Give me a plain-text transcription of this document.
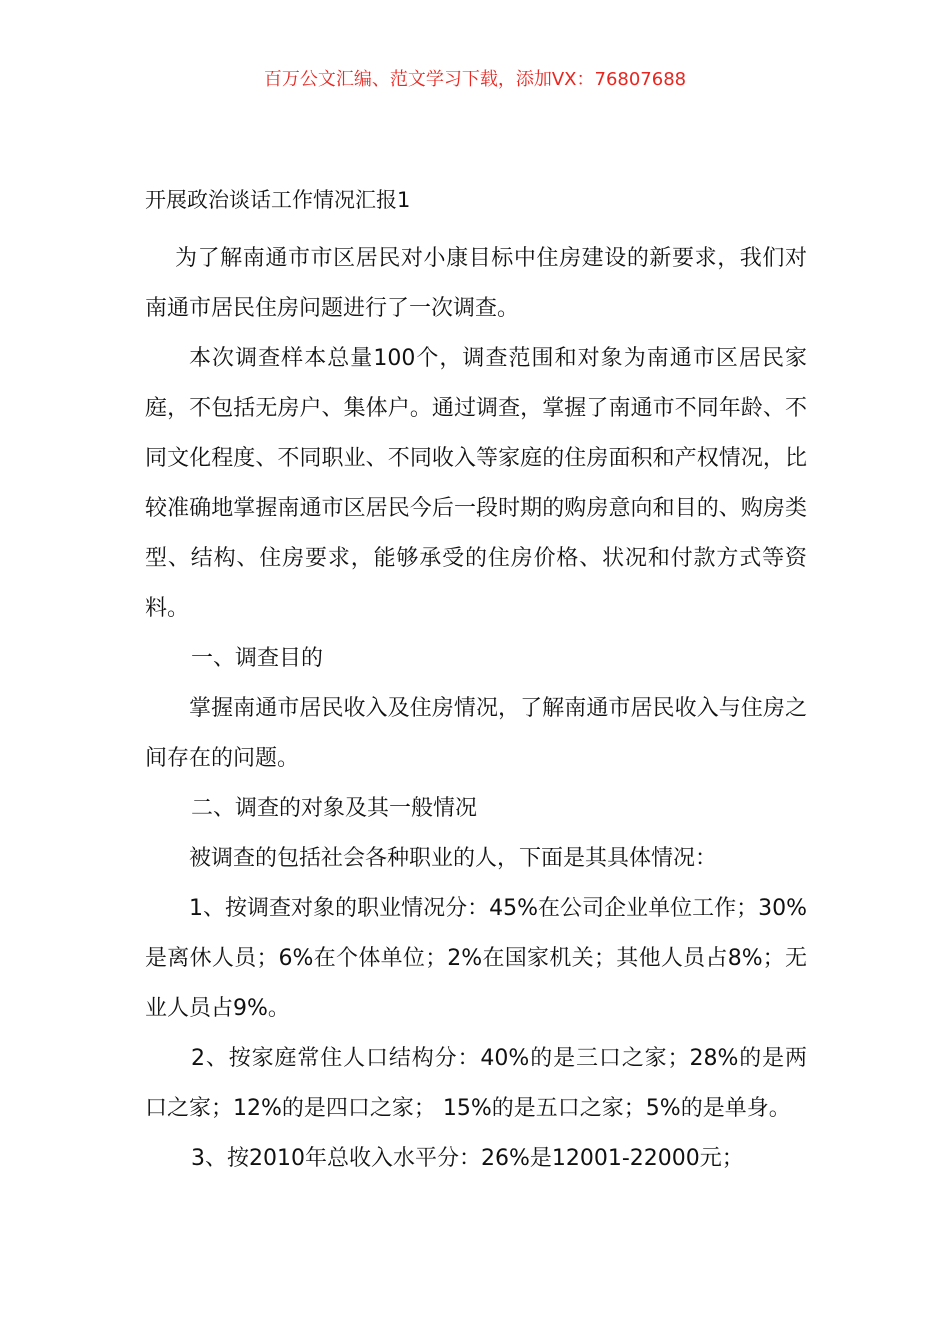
百万公文汇编、范文学习下载，添加VX：76807688
开展政治谈话工作情况汇报1

为了解南通市市区居民对小康目标中住房建设的新要求，我们对南通市居民住房问题进行了一次调查。

本次调查样本总量100个，调查范围和对象为南通市区居民家庭，不包括无房户、集体户。通过调查，掌握了南通市不同年龄、不同文化程度、不同职业、不同收入等家庭的住房面积和产权情况，比较准确地掌握南通市区居民今后一段时期的购房意向和目的、购房类型、结构、住房要求，能够承受的住房价格、状况和付款方式等资料。

一、调查目的

掌握南通市居民收入及住房情况，了解南通市居民收入与住房之间存在的问题。

二、调查的对象及其一般情况

被调查的包括社会各种职业的人，下面是其具体情况：

1、按调查对象的职业情况分：45%在公司企业单位工作；30%是离休人员；6%在个体单位；2%在国家机关；其他人员占8%；无业人员占9%。

2、按家庭常住人口结构分：40%的是三口之家；28%的是两口之家；12%的是四口之家； 15%的是五口之家；5%的是单身。

3、按2010年总收入水平分：26%是12001-22000元；
